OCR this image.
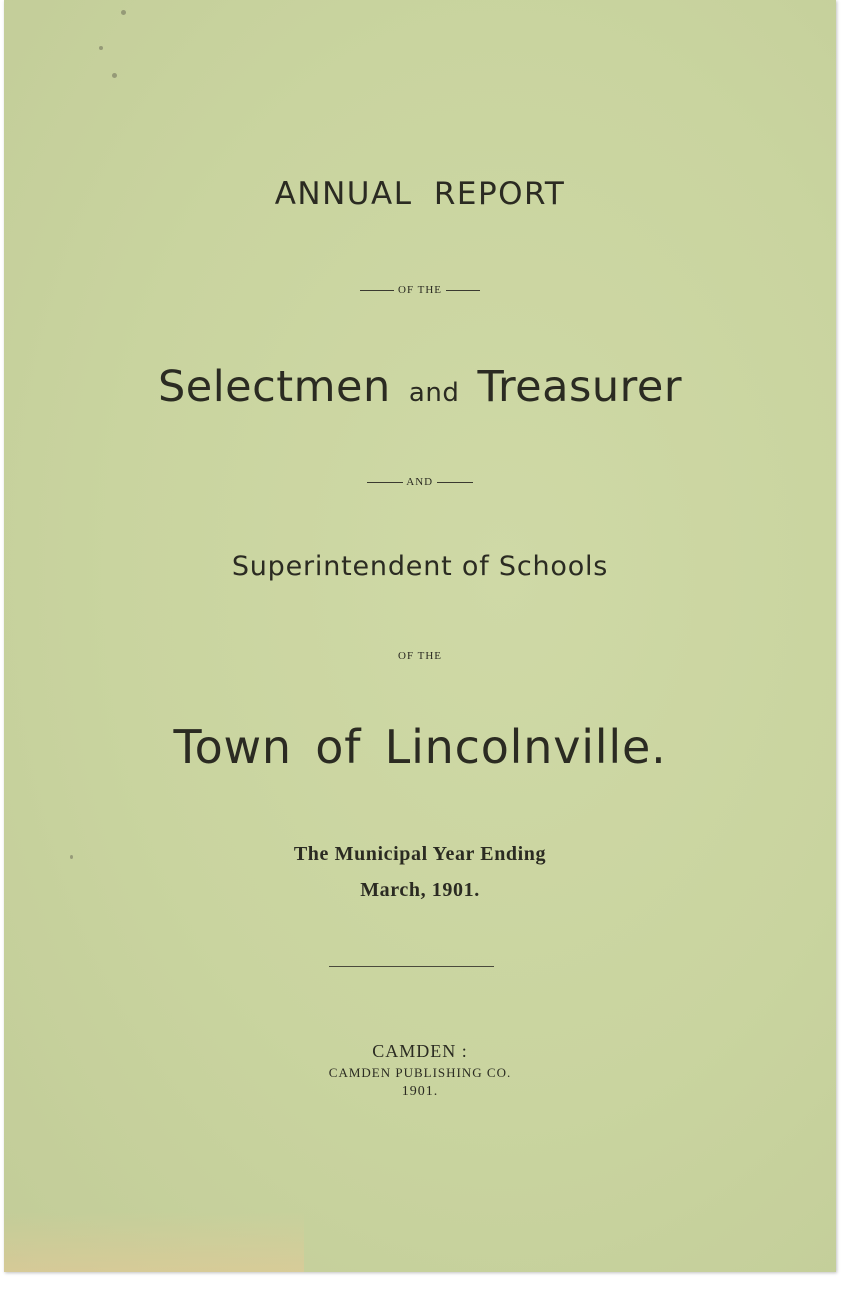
ANNUAL REPORT
OF THE
Selectmen and Treasurer
AND
Superintendent of Schools
OF THE
Town of Lincolnville.
The Municipal Year Ending
March, 1901.
CAMDEN :
CAMDEN PUBLISHING CO.
1901.
